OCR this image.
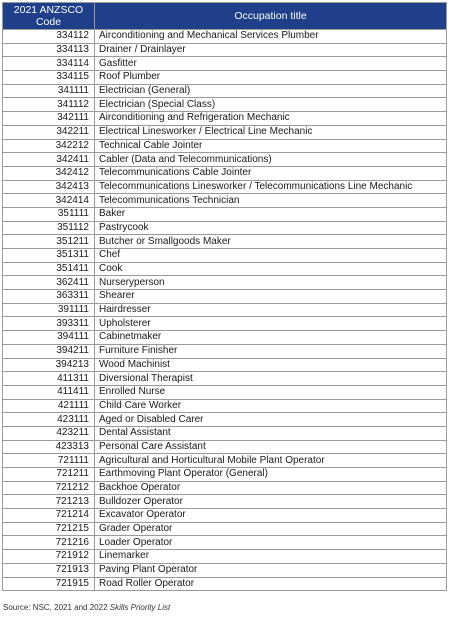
2021 ANZSCO
Code	Occupation title
334112	Airconditioning and Mechanical Services Plumber
334113	Drainer / Drainlayer
334114	Gasfitter
334115	Roof Plumber
341111	Electrician (General)
341112	Electrician (Special Class)
342111	Airconditioning and Refrigeration Mechanic
342211	Electrical Linesworker / Electrical Line Mechanic
342212	Technical Cable Jointer
342411	Cabler (Data and Telecommunications)
342412	Telecommunications Cable Jointer
342413	Telecommunications Linesworker / Telecommunications Line Mechanic
342414	Telecommunications Technician
351111	Baker
351112	Pastrycook
351211	Butcher or Smallgoods Maker
351311	Chef
351411	Cook
362411	Nurseryperson
363311	Shearer
391111	Hairdresser
393311	Upholsterer
394111	Cabinetmaker
394211	Furniture Finisher
394213	Wood Machinist
411311	Diversional Therapist
411411	Enrolled Nurse
421111	Child Care Worker
423111	Aged or Disabled Carer
423211	Dental Assistant
423313	Personal Care Assistant
721111	Agricultural and Horticultural Mobile Plant Operator
721211	Earthmoving Plant Operator (General)
721212	Backhoe Operator
721213	Bulldozer Operator
721214	Excavator Operator
721215	Grader Operator
721216	Loader Operator
721912	Linemarker
721913	Paving Plant Operator
721915	Road Roller Operator
Source: NSC, 2021 and 2022 Skills Priority List
